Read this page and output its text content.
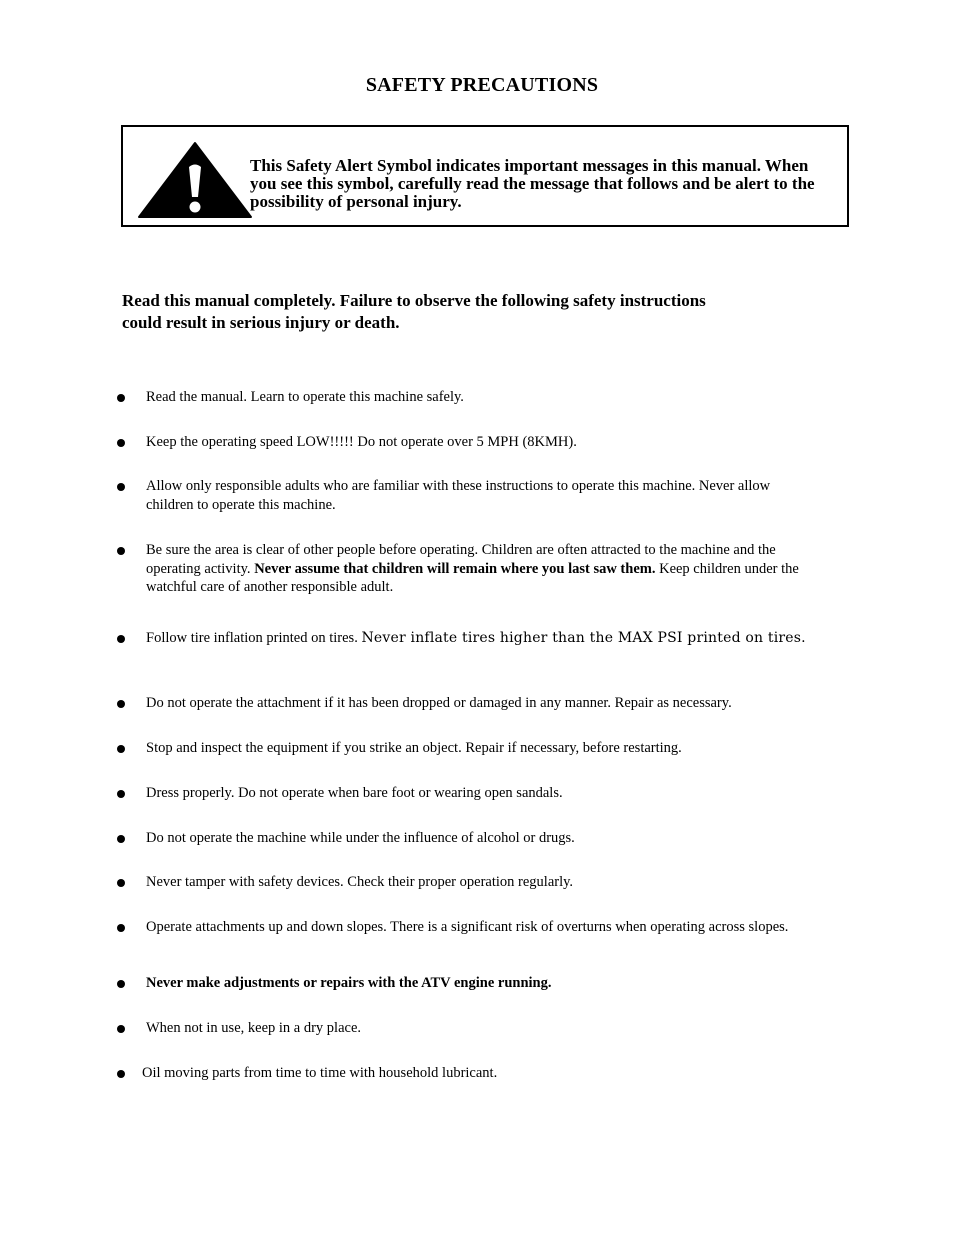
SAFETY PRECAUTIONS
This Safety Alert Symbol indicates important messages in this manual. When you see this symbol, carefully read the message that follows and be alert to the possibility of personal injury.
Read this manual completely. Failure to observe the following safety instructions could result in serious injury or death.
Read the manual. Learn to operate this machine safely.
Keep the operating speed LOW!!!!! Do not operate over 5 MPH (8KMH).
Allow only responsible adults who are familiar with these instructions to operate this machine. Never allow children to operate this machine.
Be sure the area is clear of other people before operating. Children are often attracted to the machine and the operating activity. Never assume that children will remain where you last saw them. Keep children under the watchful care of another responsible adult.
Follow tire inflation printed on tires. Never inflate tires higher than the MAX PSI printed on tires.
Do not operate the attachment if it has been dropped or damaged in any manner. Repair as necessary.
Stop and inspect the equipment if you strike an object. Repair if necessary, before restarting.
Dress properly. Do not operate when bare foot or wearing open sandals.
Do not operate the machine while under the influence of alcohol or drugs.
Never tamper with safety devices. Check their proper operation regularly.
Operate attachments up and down slopes. There is a significant risk of overturns when operating across slopes.
Never make adjustments or repairs with the ATV engine running.
When not in use, keep in a dry place.
Oil moving parts from time to time with household lubricant.
